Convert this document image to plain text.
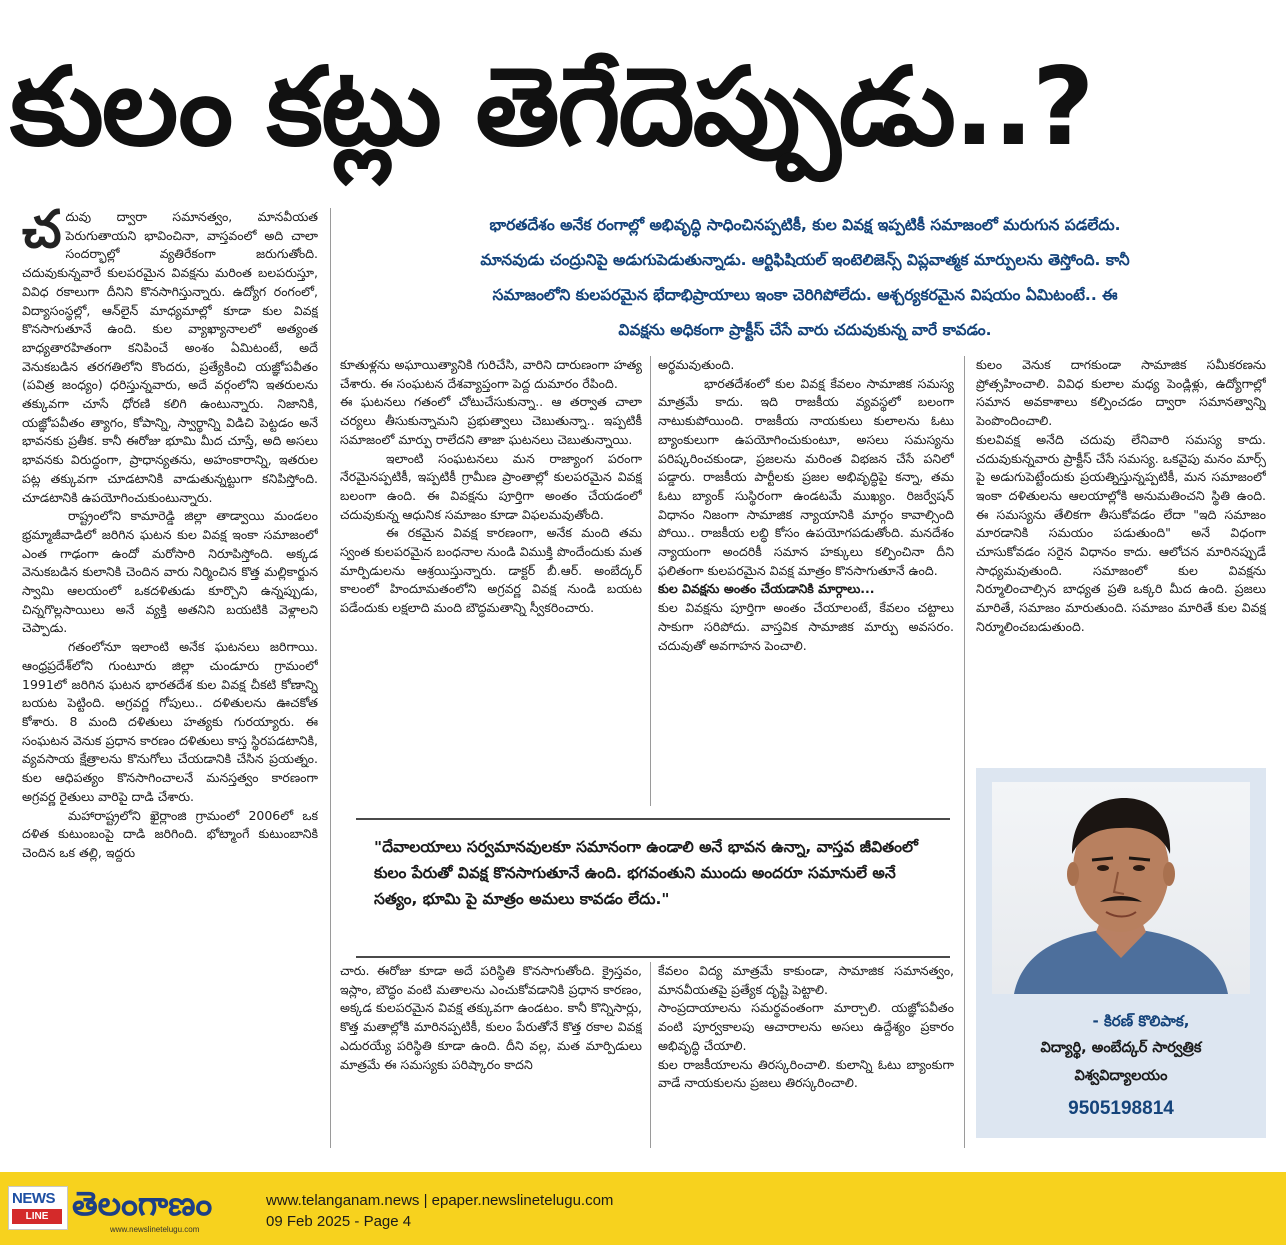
కులం కట్లు తెగేదెప్పుడు..?

భారతదేశం అనేక రంగాల్లో అభివృద్ధి సాధించినప్పటికీ, కుల వివక్ష ఇప్పటికీ సమాజంలో మరుగున పడలేదు.

మానవుడు చంద్రునిపై అడుగుపెడుతున్నాడు. ఆర్టిఫిషియల్ ఇంటెలిజెన్స్ విప్లవాత్మక మార్పులను తెస్తోంది. కానీ

సమాజంలోని కులపరమైన భేదాభిప్రాయాలు ఇంకా చెరిగిపోలేదు. ఆశ్చర్యకరమైన విషయం ఏమిటంటే.. ఈ

వివక్షను అధికంగా ప్రాక్టీస్ చేసే వారు చదువుకున్న వారే కావడం.

చదువు ద్వారా సమానత్వం, మానవీయత పెరుగుతాయని భావించినా, వాస్తవంలో అది చాలా సందర్భాల్లో వ్యతిరేకంగా జరుగుతోంది. చదువుకున్నవారే కులపరమైన వివక్షను మరింత బలపరుస్తూ, వివిధ రకాలుగా దీనిని కొనసాగిస్తున్నారు. ఉద్యోగ రంగంలో, విద్యాసంస్థల్లో, ఆన్‌లైన్ మాధ్యమాల్లో కూడా కుల వివక్ష కొనసాగుతూనే ఉంది. కుల వ్యాఖ్యానాలలో అత్యంత బాధ్యతారహితంగా కనిపించే అంశం ఏమిటంటే, అదే వెనుకబడిన తరగతిలోని కొందరు, ప్రత్యేకించి యజ్ఞోపవీతం (పవిత్ర జంధ్యం) ధరిస్తున్నవారు, అదే వర్గంలోని ఇతరులను తక్కువగా చూసే ధోరణి కలిగి ఉంటున్నారు. నిజానికి, యజ్ఞోపవీతం త్యాగం, కోపాన్ని, స్వార్థాన్ని విడిచి పెట్టడం అనే భావనకు ప్రతీక. కానీ ఈరోజు భూమి మీద చూస్తే, అది అసలు భావనకు విరుద్ధంగా, ప్రాధాన్యతను, అహంకారాన్ని, ఇతరుల పట్ల తక్కువగా చూడటానికి వాడుతున్నట్టుగా కనిపిస్తోంది. చూడటానికి ఉపయోగించుకుంటున్నారు.

రాష్ట్రంలోని కామారెడ్డి జిల్లా తాడ్వాయి మండలం భ్రమ్మాజీవాడిలో జరిగిన ఘటన కుల వివక్ష ఇంకా సమాజంలో ఎంత గాఢంగా ఉందో మరోసారి నిరూపిస్తోంది. అక్కడ వెనుకబడిన కులానికి చెందిన వారు నిర్మించిన కొత్త మల్లికార్జున స్వామి ఆలయంలో ఒకదళితుడు కూర్చొని ఉన్నప్పుడు, చిన్నగొల్లసాయిలు అనే వ్యక్తి అతనిని బయటికి వెళ్లాలని చెప్పాడు.

గతంలోనూ ఇలాంటి అనేక ఘటనలు జరిగాయి. ఆంధ్రప్రదేశ్‌లోని గుంటూరు జిల్లా చుండూరు గ్రామంలో 1991లో జరిగిన ఘటన భారతదేశ కుల వివక్ష చీకటి కోణాన్ని బయట పెట్టింది. అగ్రవర్ణ గోపులు.. దళితులను ఊచకోత కోశారు. 8 మంది దళితులు హత్యకు గురయ్యారు. ఈ సంఘటన వెనుక ప్రధాన కారణం దళితులు కాస్త స్థిరపడటానికి, వ్యవసాయ క్షేత్రాలను కొనుగోలు చేయడానికి చేసిన ప్రయత్నం. కుల ఆధిపత్యం కొనసాగించాలనే మనస్తత్వం కారణంగా అగ్రవర్ణ రైతులు వారిపై దాడి చేశారు.

మహారాష్ట్రలోని ఖైర్లాంజి గ్రామంలో 2006లో ఒక దళిత కుటుంబంపై దాడి జరిగింది. భోట్మాంగే కుటుంబానికి చెందిన ఒక తల్లి, ఇద్దరు

కూతుళ్లను అఘాయిత్యానికి గురిచేసి, వారిని దారుణంగా హత్య చేశారు. ఈ సంఘటన దేశవ్యాప్తంగా పెద్ద దుమారం రేపింది.

ఈ ఘటనలు గతంలో చోటుచేసుకున్నా.. ఆ తర్వాత చాలా చర్యలు తీసుకున్నామని ప్రభుత్వాలు చెబుతున్నా.. ఇప్పటికీ సమాజంలో మార్పు రాలేదని తాజా ఘటనలు చెబుతున్నాయి.

ఇలాంటి సంఘటనలు మన రాజ్యాంగ పరంగా నేరమైనప్పటికీ, ఇప్పటికీ గ్రామీణ ప్రాంతాల్లో కులపరమైన వివక్ష బలంగా ఉంది. ఈ వివక్షను పూర్తిగా అంతం చేయడంలో చదువుకున్న ఆధునిక సమాజం కూడా విఫలమవుతోంది.

ఈ రకమైన వివక్ష కారణంగా, అనేక మంది తమ స్వంత కులపరమైన బంధనాల నుండి విముక్తి పొందేందుకు మత మార్పిడులను ఆశ్రయిస్తున్నారు. డాక్టర్ బీ.ఆర్. అంబేద్కర్ కాలంలో హిందూమతంలోని అగ్రవర్ణ వివక్ష నుండి బయట పడేందుకు లక్షలాది మంది బౌద్ధమతాన్ని స్వీకరించారు.

అర్థమవుతుంది.

భారతదేశంలో కుల వివక్ష కేవలం సామాజిక సమస్య మాత్రమే కాదు. ఇది రాజకీయ వ్యవస్థలో బలంగా నాటుకుపోయింది. రాజకీయ నాయకులు కులాలను ఓటు బ్యాంకులుగా ఉపయోగించుకుంటూ, అసలు సమస్యను పరిష్కరించకుండా, ప్రజలను మరింత విభజన చేసే పనిలో పడ్డారు. రాజకీయ పార్టీలకు ప్రజల అభివృద్ధిపై కన్నా, తమ ఓటు బ్యాంక్ సుస్థిరంగా ఉండటమే ముఖ్యం. రిజర్వేషన్ విధానం నిజంగా సామాజిక న్యాయానికి మార్గం కావాల్సింది పోయి.. రాజకీయ లబ్ధి కోసం ఉపయోగపడుతోంది. మనదేశం న్యాయంగా అందరికీ సమాన హక్కులు కల్పించినా దీని ఫలితంగా కులపరమైన వివక్ష మాత్రం కొనసాగుతూనే ఉంది.

కుల వివక్షను అంతం చేయడానికి మార్గాలు...

కుల వివక్షను పూర్తిగా అంతం చేయాలంటే, కేవలం చట్టాలు సాకుగా సరిపోదు. వాస్తవిక సామాజిక మార్పు అవసరం. చదువుతో అవగాహన పెంచాలి.

కులం వెనుక దాగకుండా సామాజిక సమీకరణను ప్రోత్సహించాలి. వివిధ కులాల మధ్య పెండ్లిళ్లు, ఉద్యోగాల్లో సమాన అవకాశాలు కల్పించడం ద్వారా సమానత్వాన్ని పెంపొందించాలి.

కులవివక్ష అనేది చదువు లేనివారి సమస్య కాదు. చదువుకున్నవారు ప్రాక్టీస్ చేసే సమస్య. ఒకవైపు మనం మార్స్ పై అడుగుపెట్టేందుకు ప్రయత్నిస్తున్నప్పటికీ, మన సమాజంలో ఇంకా దళితులను ఆలయాల్లోకి అనుమతించని స్థితి ఉంది. ఈ సమస్యను తేలికగా తీసుకోవడం లేదా "ఇది సమాజం మారడానికి సమయం పడుతుంది" అనే విధంగా చూసుకోవడం సరైన విధానం కాదు. ఆలోచన మారినప్పుడే సాధ్యమవుతుంది. సమాజంలో కుల వివక్షను నిర్మూలించాల్సిన బాధ్యత ప్రతి ఒక్కరి మీద ఉంది. ప్రజలు మారితే, సమాజం మారుతుంది. సమాజం మారితే కుల వివక్ష నిర్మూలించబడుతుంది.

"దేవాలయాలు సర్వమానవులకూ సమానంగా ఉండాలి అనే భావన ఉన్నా, వాస్తవ జీవితంలో కులం పేరుతో వివక్ష కొనసాగుతూనే ఉంది. భగవంతుని ముందు అందరూ సమానులే అనే సత్యం, భూమి పై మాత్రం అమలు కావడం లేదు."

చారు. ఈరోజు కూడా అదే పరిస్థితి కొనసాగుతోంది. క్రైస్తవం, ఇస్లాం, బౌద్ధం వంటి మతాలను ఎంచుకోవడానికి ప్రధాన కారణం, అక్కడ కులపరమైన వివక్ష తక్కువగా ఉండటం. కానీ కొన్నిసార్లు, కొత్త మతాల్లోకి మారినప్పటికీ, కులం పేరుతోనే కొత్త రకాల వివక్ష ఎదురయ్యే పరిస్థితి కూడా ఉంది. దీని వల్ల, మత మార్పిడులు మాత్రమే ఈ సమస్యకు పరిష్కారం కాదని

కేవలం విద్య మాత్రమే కాకుండా, సామాజిక సమానత్వం, మానవీయతపై ప్రత్యేక దృష్టి పెట్టాలి.

సాంప్రదాయాలను సమర్థవంతంగా మార్చాలి. యజ్ఞోపవీతం వంటి పూర్వకాలపు ఆచారాలను అసలు ఉద్దేశ్యం ప్రకారం అభివృద్ధి చేయాలి.

కుల రాజకీయాలను తిరస్కరించాలి. కులాన్ని ఓటు బ్యాంకుగా వాడే నాయకులను ప్రజలు తిరస్కరించాలి.

- కిరణ్ కొలిపాక,
విద్యార్థి, అంబేద్కర్ సార్వత్రిక
విశ్వవిద్యాలయం
9505198814
NEWS
LINE తెలంగాణం
www.newslinetelugu.com
www.telanganam.news | epaper.newslinetelugu.com
09 Feb 2025 - Page 4
